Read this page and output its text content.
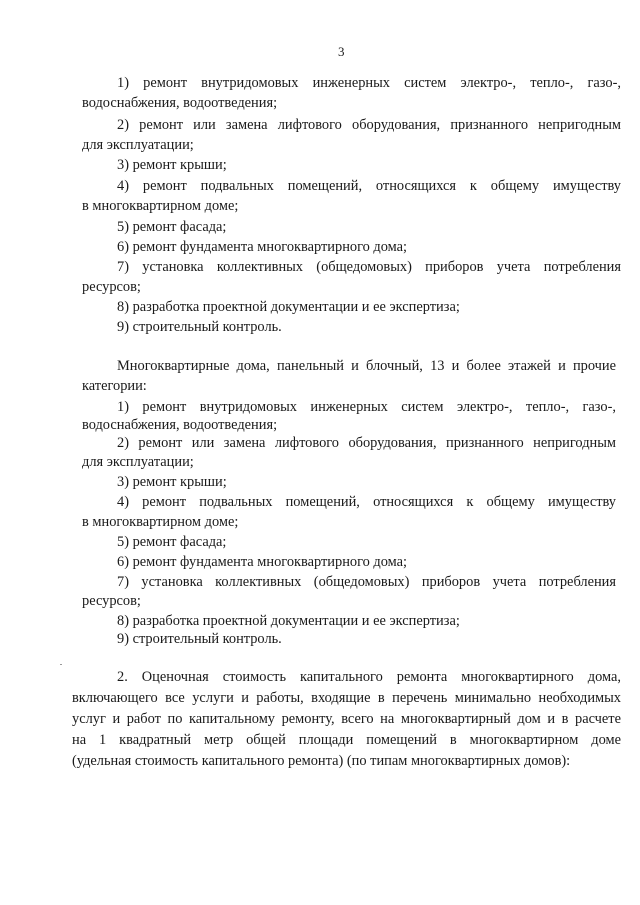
3
1) ремонт внутридомовых инженерных систем электро-, тепло-, газо-,
водоснабжения, водоотведения;
2) ремонт или замена лифтового оборудования, признанного непригодным
для эксплуатации;
3) ремонт крыши;
4) ремонт подвальных помещений, относящихся к общему имуществу
в многоквартирном доме;
5) ремонт фасада;
6) ремонт фундамента многоквартирного дома;
7) установка коллективных (общедомовых) приборов учета потребления
ресурсов;
8) разработка проектной документации и ее экспертиза;
9) строительный контроль.
Многоквартирные дома, панельный и блочный, 13 и более этажей и прочие
категории:
1) ремонт внутридомовых инженерных систем электро-, тепло-, газо-,
водоснабжения, водоотведения;
2) ремонт или замена лифтового оборудования, признанного непригодным
для эксплуатации;
3) ремонт крыши;
4) ремонт подвальных помещений, относящихся к общему имуществу
в многоквартирном доме;
5) ремонт фасада;
6) ремонт фундамента многоквартирного дома;
7) установка коллективных (общедомовых) приборов учета потребления
ресурсов;
8) разработка проектной документации и ее экспертиза;
9) строительный контроль.
2. Оценочная стоимость капитального ремонта многоквартирного дома,
включающего все услуги и работы, входящие в перечень минимально необходимых
услуг и работ по капитальному ремонту, всего на многоквартирный дом и в расчете
на 1 квадратный метр общей площади помещений в многоквартирном доме
(удельная стоимость капитального ремонта) (по типам многоквартирных домов):
